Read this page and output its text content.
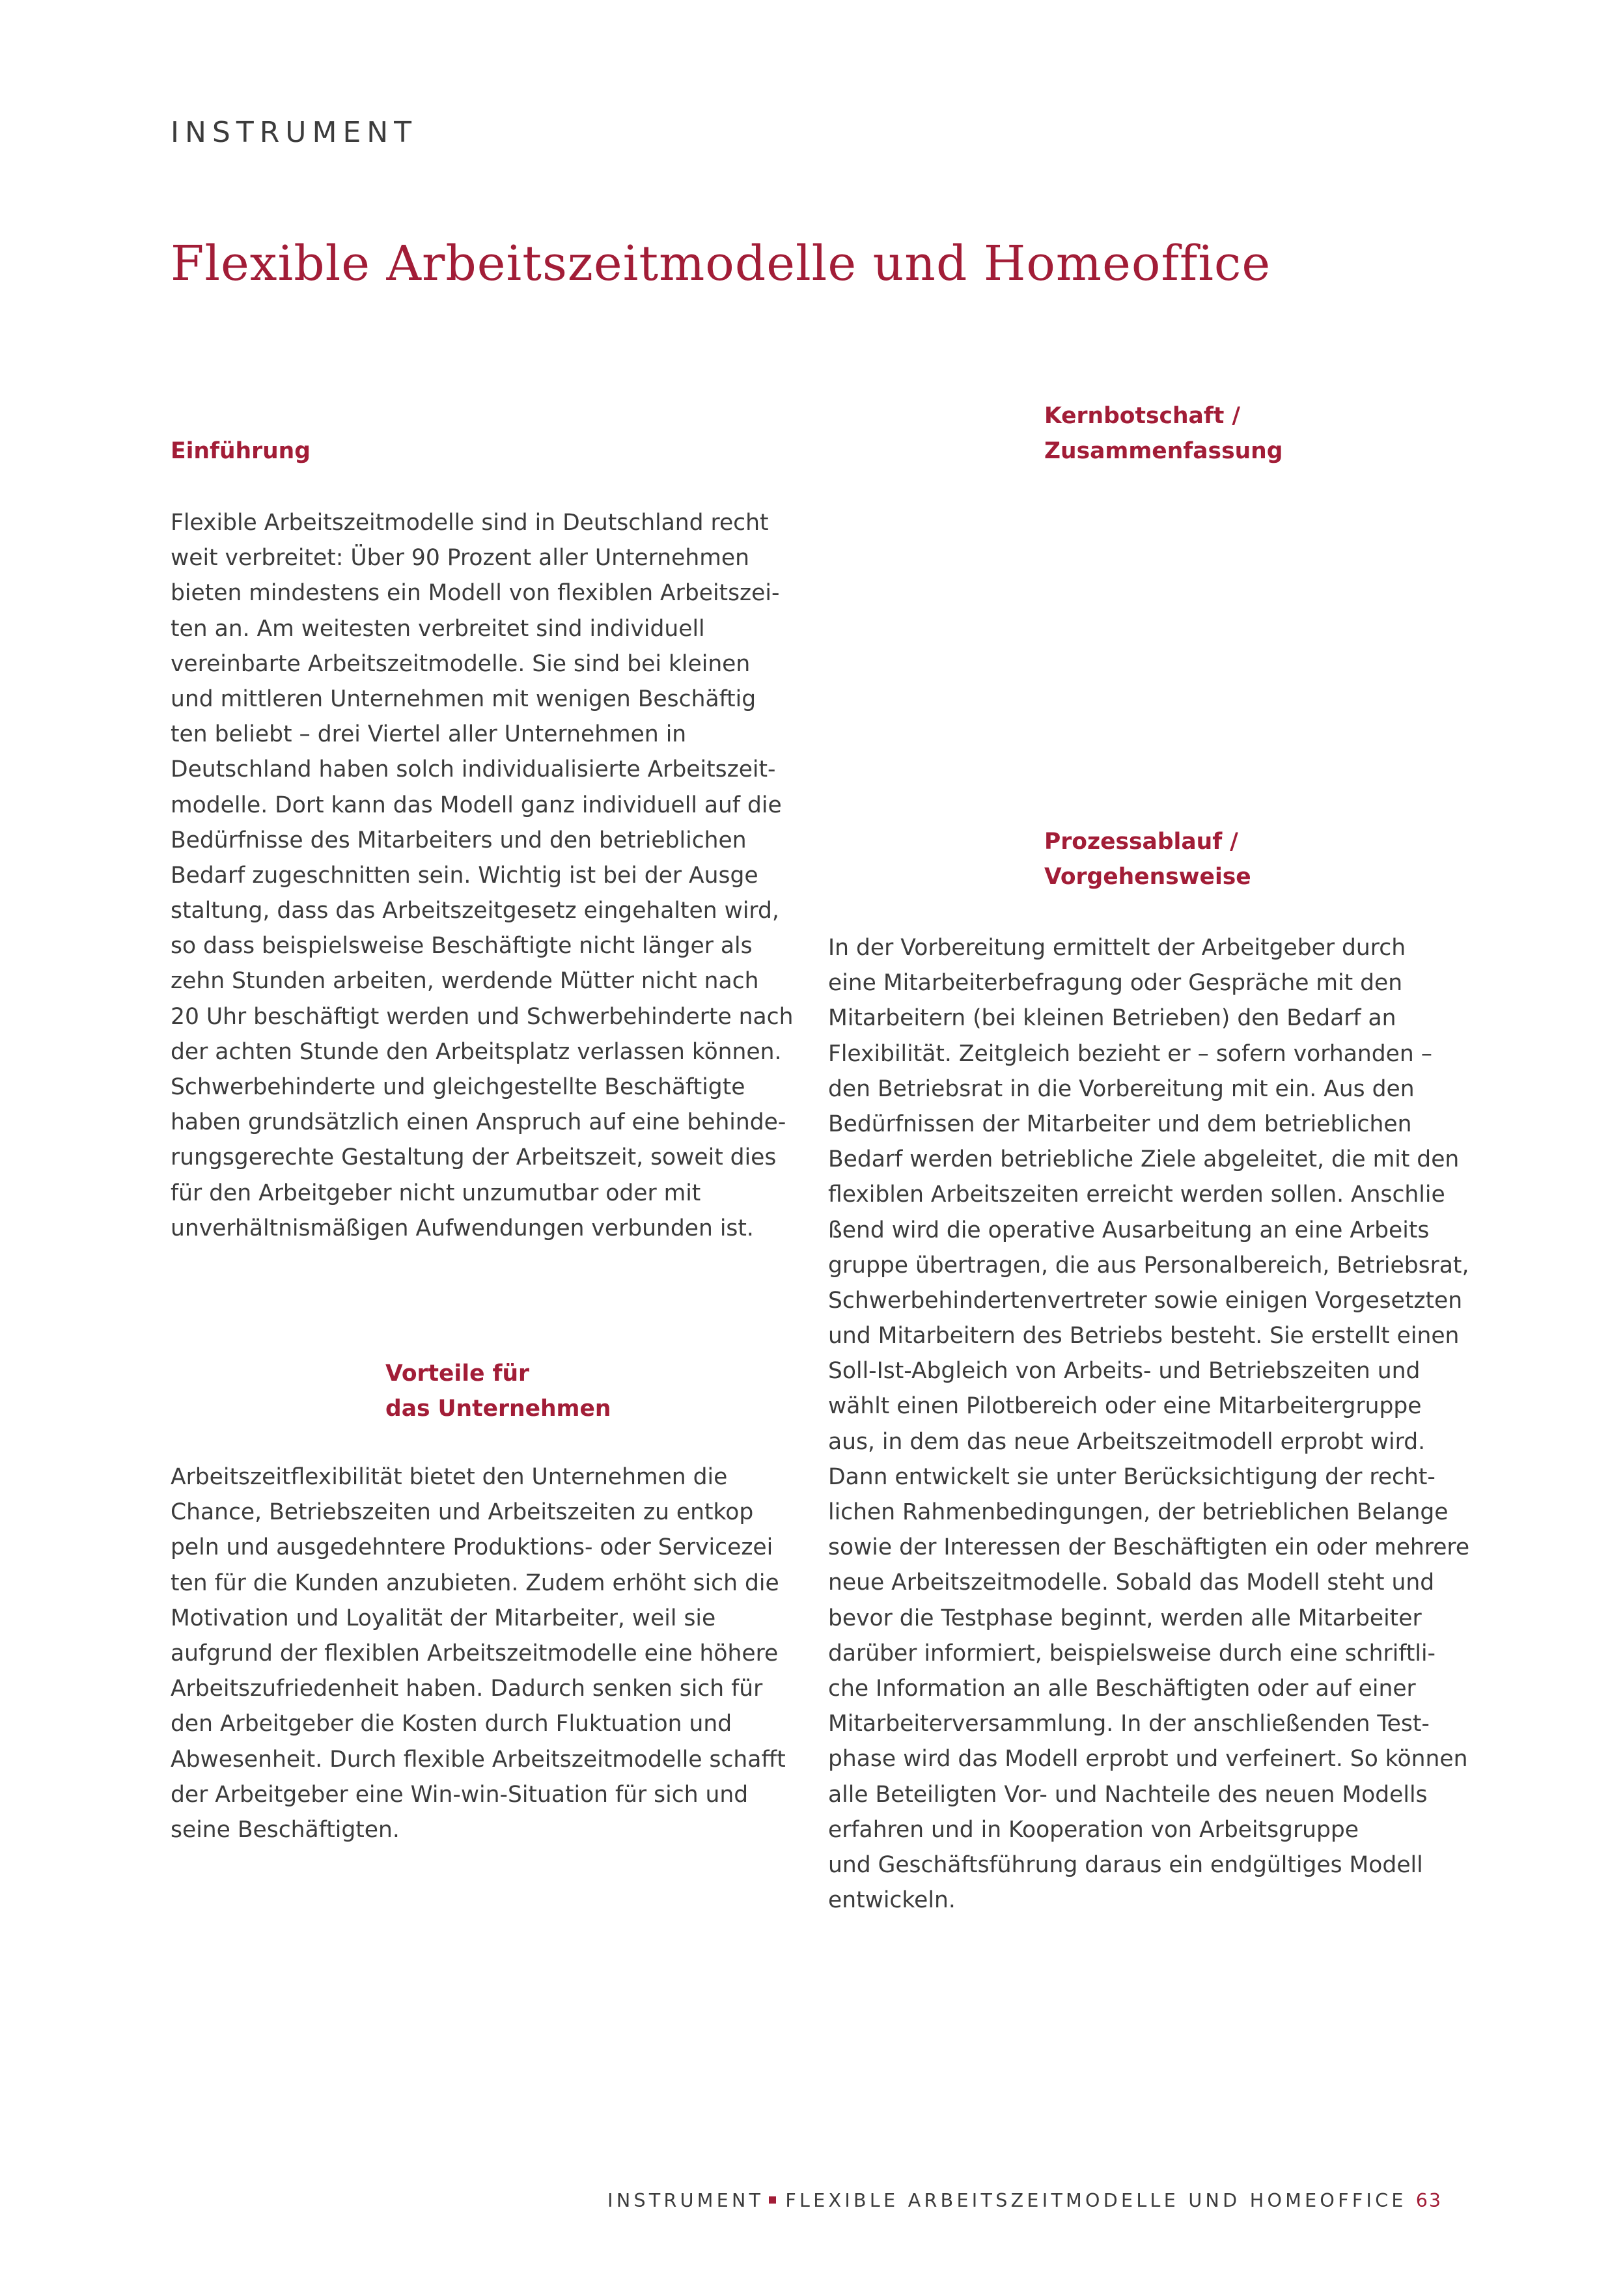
INSTRUMENT

Flexible Arbeitszeitmodelle und Homeoffice
Einführung
Flexible Arbeitszeitmodelle sind in Deutschland recht
weit verbreitet: Über 90 Prozent aller Unternehmen
bieten mindestens ein Modell von flexiblen Arbeitszei-
ten an. Am weitesten verbreitet sind individuell
vereinbarte Arbeitszeitmodelle. Sie sind bei kleinen
und mittleren Unternehmen mit wenigen Beschäftig
ten beliebt – drei Viertel aller Unternehmen in
Deutschland haben solch individualisierte Arbeitszeit-
modelle. Dort kann das Modell ganz individuell auf die
Bedürfnisse des Mitarbeiters und den betrieblichen
Bedarf zugeschnitten sein. Wichtig ist bei der Ausge
staltung, dass das Arbeitszeitgesetz eingehalten wird,
so dass beispielsweise Beschäftigte nicht länger als
zehn Stunden arbeiten, werdende Mütter nicht nach
20 Uhr beschäftigt werden und Schwerbehinderte nach
der achten Stunde den Arbeitsplatz verlassen können.
Schwerbehinderte und gleichgestellte Beschäftigte
haben grundsätzlich einen Anspruch auf eine behinde-
rungsgerechte Gestaltung der Arbeitszeit, soweit dies
für den Arbeitgeber nicht unzumutbar oder mit
unverhältnismäßigen Aufwendungen verbunden ist.
Vorteile für
das Unternehmen
Arbeitszeitflexibilität bietet den Unternehmen die
Chance, Betriebszeiten und Arbeitszeiten zu entkop
peln und ausgedehntere Produktions- oder Servicezei
ten für die Kunden anzubieten. Zudem erhöht sich die
Motivation und Loyalität der Mitarbeiter, weil sie
aufgrund der flexiblen Arbeitszeitmodelle eine höhere
Arbeitszufriedenheit haben. Dadurch senken sich für
den Arbeitgeber die Kosten durch Fluktuation und
Abwesenheit. Durch flexible Arbeitszeitmodelle schafft
der Arbeitgeber eine Win-win-Situation für sich und
seine Beschäftigten.
Kernbotschaft /
Zusammenfassung
Prozessablauf /
Vorgehensweise
In der Vorbereitung ermittelt der Arbeitgeber durch
eine Mitarbeiterbefragung oder Gespräche mit den
Mitarbeitern (bei kleinen Betrieben) den Bedarf an
Flexibilität. Zeitgleich bezieht er – sofern vorhanden –
den Betriebsrat in die Vorbereitung mit ein. Aus den
Bedürfnissen der Mitarbeiter und dem betrieblichen
Bedarf werden betriebliche Ziele abgeleitet, die mit den
flexiblen Arbeitszeiten erreicht werden sollen. Anschlie
ßend wird die operative Ausarbeitung an eine Arbeits
gruppe übertragen, die aus Personalbereich, Betriebsrat,
Schwerbehindertenvertreter sowie einigen Vorgesetzten
und Mitarbeitern des Betriebs besteht. Sie erstellt einen
Soll-Ist-Abgleich von Arbeits- und Betriebszeiten und
wählt einen Pilotbereich oder eine Mitarbeitergruppe
aus, in dem das neue Arbeitszeitmodell erprobt wird.
Dann entwickelt sie unter Berücksichtigung der recht-
lichen Rahmenbedingungen, der betrieblichen Belange
sowie der Interessen der Beschäftigten ein oder mehrere
neue Arbeitszeitmodelle. Sobald das Modell steht und
bevor die Testphase beginnt, werden alle Mitarbeiter
darüber informiert, beispielsweise durch eine schriftli-
che Information an alle Beschäftigten oder auf einer
Mitarbeiterversammlung. In der anschließenden Test-
phase wird das Modell erprobt und verfeinert. So können
alle Beteiligten Vor- und Nachteile des neuen Modells
erfahren und in Kooperation von Arbeitsgruppe
und Geschäftsführung daraus ein endgültiges Modell
entwickeln.

INSTRUMENT FLEXIBLE ARBEITSZEITMODELLE UND HOMEOFFICE 63
